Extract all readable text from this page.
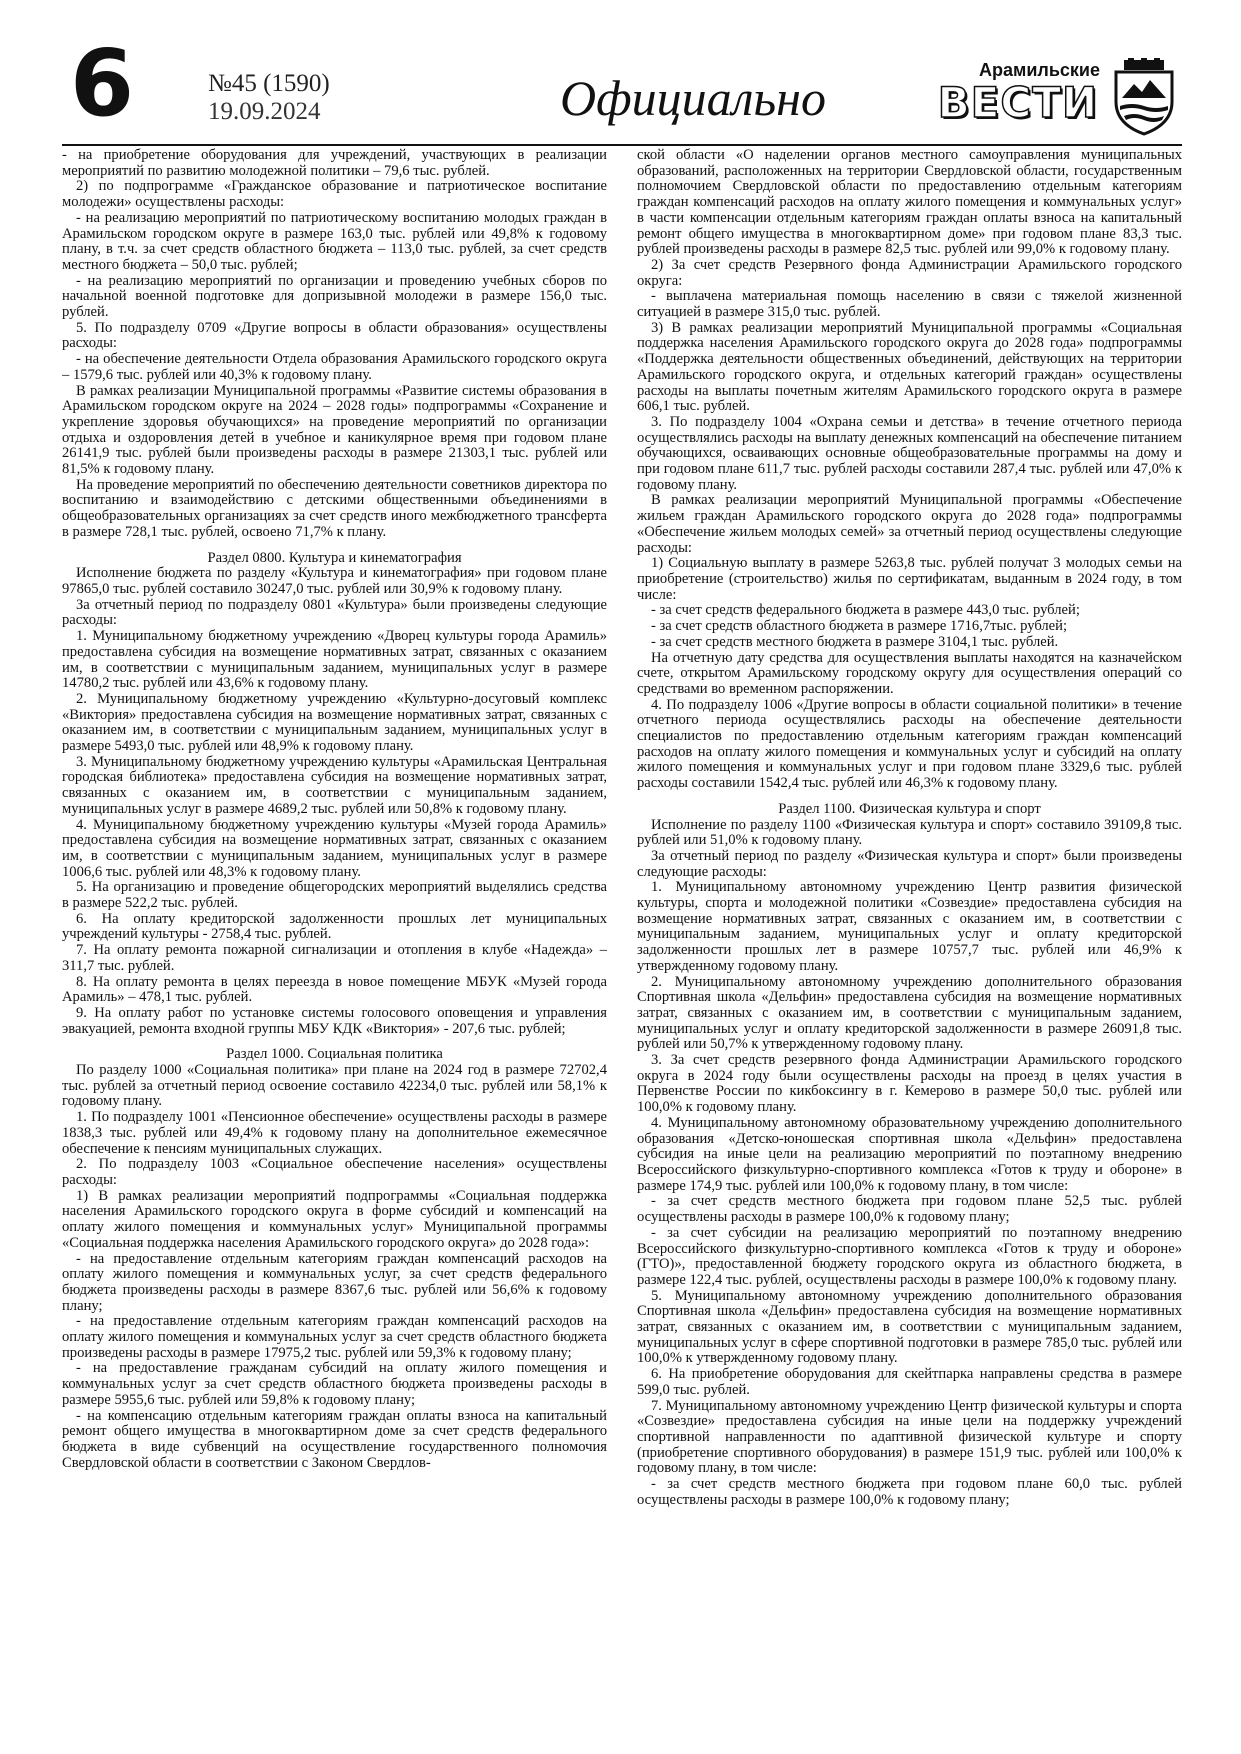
6	№45 (1590)
19.09.2024	Официально	Арамильские
ВЕСТИ

- на приобретение оборудования для учреждений, участвующих в реализации мероприятий по развитию молодежной политики – 79,6 тыс. рублей.

2) по подпрограмме «Гражданское образование и патриотическое воспитание молодежи» осуществлены расходы:

- на реализацию мероприятий по патриотическому воспитанию молодых граждан в Арамильском городском округе в размере 163,0 тыс. рублей или 49,8% к годовому плану, в т.ч. за счет средств областного бюджета – 113,0 тыс. рублей, за счет средств местного бюджета – 50,0 тыс. рублей;

- на реализацию мероприятий по организации и проведению учебных сборов по начальной военной подготовке для допризывной молодежи в размере 156,0 тыс. рублей.

5. По подразделу 0709 «Другие вопросы в области образования» осуществлены расходы:

- на обеспечение деятельности Отдела образования Арамильского городского округа – 1579,6 тыс. рублей или 40,3% к годовому плану.

В рамках реализации Муниципальной программы «Развитие системы образования в Арамильском городском округе на 2024 – 2028 годы» подпрограммы «Сохранение и укрепление здоровья обучающихся» на проведение мероприятий по организации отдыха и оздоровления детей в учебное и каникулярное время при годовом плане 26141,9 тыс. рублей были произведены расходы в размере 21303,1 тыс. рублей или 81,5% к годовому плану.

На проведение мероприятий по обеспечению деятельности советников директора по воспитанию и взаимодействию с детскими общественными объединениями в общеобразовательных организациях за счет средств иного межбюджетного трансферта в размере 728,1 тыс. рублей, освоено 71,7% к плану.

Раздел 0800. Культура и кинематография

Исполнение бюджета по разделу «Культура и кинематография» при годовом плане 97865,0 тыс. рублей составило 30247,0 тыс. рублей или 30,9% к годовому плану.

За отчетный период по подразделу 0801 «Культура» были произведены следующие расходы:

1. Муниципальному бюджетному учреждению «Дворец культуры города Арамиль» предоставлена субсидия на возмещение нормативных затрат, связанных с оказанием им, в соответствии с муниципальным заданием, муниципальных услуг в размере 14780,2 тыс. рублей или 43,6% к годовому плану.

2. Муниципальному бюджетному учреждению «Культурно-досуговый комплекс «Виктория» предоставлена субсидия на возмещение нормативных затрат, связанных с оказанием им, в соответствии с муниципальным заданием, муниципальных услуг в размере 5493,0 тыс. рублей или 48,9% к годовому плану.

3. Муниципальному бюджетному учреждению культуры «Арамильская Центральная городская библиотека» предоставлена субсидия на возмещение нормативных затрат, связанных с оказанием им, в соответствии с муниципальным заданием, муниципальных услуг в размере 4689,2 тыс. рублей или 50,8% к годовому плану.

4. Муниципальному бюджетному учреждению культуры «Музей города Арамиль» предоставлена субсидия на возмещение нормативных затрат, связанных с оказанием им, в соответствии с муниципальным заданием, муниципальных услуг в размере 1006,6 тыс. рублей или 48,3% к годовому плану.

5. На организацию и проведение общегородских мероприятий выделялись средства в размере 522,2 тыс. рублей.

6. На оплату кредиторской задолженности прошлых лет муниципальных учреждений культуры - 2758,4 тыс. рублей.

7. На оплату ремонта пожарной сигнализации и отопления в клубе «Надежда» – 311,7 тыс. рублей.

8. На оплату ремонта в целях переезда в новое помещение МБУК «Музей города Арамиль» – 478,1 тыс. рублей.

9. На оплату работ по установке системы голосового оповещения и управления эвакуацией, ремонта входной группы МБУ КДК «Виктория» - 207,6 тыс. рублей;

Раздел 1000. Социальная политика

По разделу 1000 «Социальная политика» при плане на 2024 год в размере 72702,4 тыс. рублей за отчетный период освоение составило 42234,0 тыс. рублей или 58,1% к годовому плану.

1. По подразделу 1001 «Пенсионное обеспечение» осуществлены расходы в размере 1838,3 тыс. рублей или 49,4% к годовому плану на дополнительное ежемесячное обеспечение к пенсиям муниципальных служащих.

2. По подразделу 1003 «Социальное обеспечение населения» осуществлены расходы:

1) В рамках реализации мероприятий подпрограммы «Социальная поддержка населения Арамильского городского округа в форме субсидий и компенсаций на оплату жилого помещения и коммунальных услуг» Муниципальной программы «Социальная поддержка населения Арамильского городского округа» до 2028 года»:

- на предоставление отдельным категориям граждан компенсаций расходов на оплату жилого помещения и коммунальных услуг, за счет средств федерального бюджета произведены расходы в размере 8367,6 тыс. рублей или 56,6% к годовому плану;

- на предоставление отдельным категориям граждан компенсаций расходов на оплату жилого помещения и коммунальных услуг за счет средств областного бюджета произведены расходы в размере 17975,2 тыс. рублей или 59,3% к годовому плану;

- на предоставление гражданам субсидий на оплату жилого помещения и коммунальных услуг за счет средств областного бюджета произведены расходы в размере 5955,6 тыс. рублей или 59,8% к годовому плану;

- на компенсацию отдельным категориям граждан оплаты взноса на капитальный ремонт общего имущества в многоквартирном доме за счет средств федерального бюджета в виде субвенций на осуществление государственного полномочия Свердловской области в соответствии с Законом Свердлов-

ской области «О наделении органов местного самоуправления муниципальных образований, расположенных на территории Свердловской области, государственным полномочием Свердловской области по предоставлению отдельным категориям граждан компенсаций расходов на оплату жилого помещения и коммунальных услуг» в части компенсации отдельным категориям граждан оплаты взноса на капитальный ремонт общего имущества в многоквартирном доме» при годовом плане 83,3 тыс. рублей произведены расходы в размере 82,5 тыс. рублей или 99,0% к годовому плану.

2) За счет средств Резервного фонда Администрации Арамильского городского округа:

- выплачена материальная помощь населению в связи с тяжелой жизненной ситуацией в размере 315,0 тыс. рублей.

3) В рамках реализации мероприятий Муниципальной программы «Социальная поддержка населения Арамильского городского округа до 2028 года» подпрограммы «Поддержка деятельности общественных объединений, действующих на территории Арамильского городского округа, и отдельных категорий граждан» осуществлены расходы на выплаты почетным жителям Арамильского городского округа в размере 606,1 тыс. рублей.

3. По подразделу 1004 «Охрана семьи и детства» в течение отчетного периода осуществлялись расходы на выплату денежных компенсаций на обеспечение питанием обучающихся, осваивающих основные общеобразовательные программы на дому и при годовом плане 611,7 тыс. рублей расходы составили 287,4 тыс. рублей или 47,0% к годовому плану.

В рамках реализации мероприятий Муниципальной программы «Обеспечение жильем граждан Арамильского городского округа до 2028 года» подпрограммы «Обеспечение жильем молодых семей» за отчетный период осуществлены следующие расходы:

1) Социальную выплату в размере 5263,8 тыс. рублей получат 3 молодых семьи на приобретение (строительство) жилья по сертификатам, выданным в 2024 году, в том числе:

- за счет средств федерального бюджета в размере 443,0 тыс. рублей;

- за счет средств областного бюджета в размере 1716,7тыс. рублей;

- за счет средств местного бюджета в размере 3104,1 тыс. рублей.

На отчетную дату средства для осуществления выплаты находятся на казначейском счете, открытом Арамильскому городскому округу для осуществления операций со средствами во временном распоряжении.

4. По подразделу 1006 «Другие вопросы в области социальной политики» в течение отчетного периода осуществлялись расходы на обеспечение деятельности специалистов по предоставлению отдельным категориям граждан компенсаций расходов на оплату жилого помещения и коммунальных услуг и субсидий на оплату жилого помещения и коммунальных услуг и при годовом плане 3329,6 тыс. рублей расходы составили 1542,4 тыс. рублей или 46,3% к годовому плану.

Раздел 1100. Физическая культура и спорт

Исполнение по разделу 1100 «Физическая культура и спорт» составило 39109,8 тыс. рублей или 51,0% к годовому плану.

За отчетный период по разделу «Физическая культура и спорт» были произведены следующие расходы:

1. Муниципальному автономному учреждению Центр развития физической культуры, спорта и молодежной политики «Созвездие» предоставлена субсидия на возмещение нормативных затрат, связанных с оказанием им, в соответствии с муниципальным заданием, муниципальных услуг и оплату кредиторской задолженности прошлых лет в размере 10757,7 тыс. рублей или 46,9% к утвержденному годовому плану.

2. Муниципальному автономному учреждению дополнительного образования Спортивная школа «Дельфин» предоставлена субсидия на возмещение нормативных затрат, связанных с оказанием им, в соответствии с муниципальным заданием, муниципальных услуг и оплату кредиторской задолженности в размере 26091,8 тыс. рублей или 50,7% к утвержденному годовому плану.

3. За счет средств резервного фонда Администрации Арамильского городского округа в 2024 году были осуществлены расходы на проезд в целях участия в Первенстве России по кикбоксингу в г. Кемерово в размере 50,0 тыс. рублей или 100,0% к годовому плану.

4. Муниципальному автономному образовательному учреждению дополнительного образования «Детско-юношеская спортивная школа «Дельфин» предоставлена субсидия на иные цели на реализацию мероприятий по поэтапному внедрению Всероссийского физкультурно-спортивного комплекса «Готов к труду и обороне» в размере 174,9 тыс. рублей или 100,0% к годовому плану, в том числе:

- за счет средств местного бюджета при годовом плане 52,5 тыс. рублей осуществлены расходы в размере 100,0% к годовому плану;

- за счет субсидии на реализацию мероприятий по поэтапному внедрению Всероссийского физкультурно-спортивного комплекса «Готов к труду и обороне» (ГТО)», предоставленной бюджету городского округа из областного бюджета, в размере 122,4 тыс. рублей, осуществлены расходы в размере 100,0% к годовому плану.

5. Муниципальному автономному учреждению дополнительного образования Спортивная школа «Дельфин» предоставлена субсидия на возмещение нормативных затрат, связанных с оказанием им, в соответствии с муниципальным заданием, муниципальных услуг в сфере спортивной подготовки в размере 785,0 тыс. рублей или 100,0% к утвержденному годовому плану.

6. На приобретение оборудования для скейтпарка направлены средства в размере 599,0 тыс. рублей.

7. Муниципальному автономному учреждению Центр физической культуры и спорта «Созвездие» предоставлена субсидия на иные цели на поддержку учреждений спортивной направленности по адаптивной физической культуре и спорту (приобретение спортивного оборудования) в размере 151,9 тыс. рублей или 100,0% к годовому плану, в том числе:

- за счет средств местного бюджета при годовом плане 60,0 тыс. рублей осуществлены расходы в размере 100,0% к годовому плану;
